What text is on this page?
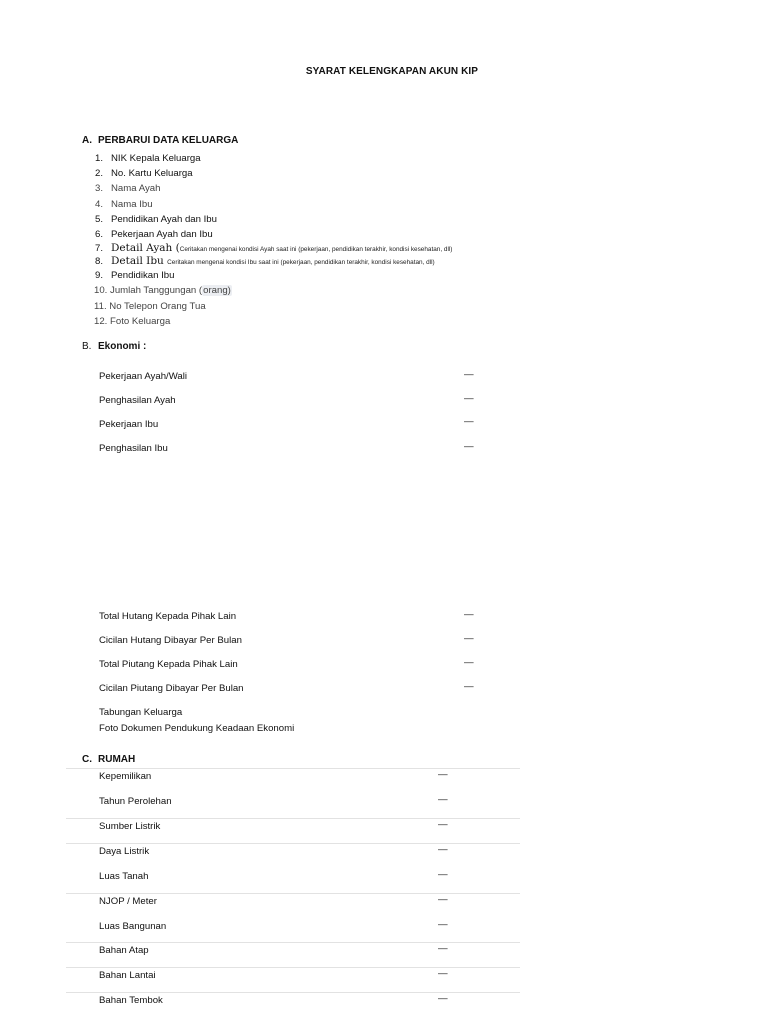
SYARAT KELENGKAPAN AKUN KIP
A. PERBARUI DATA KELUARGA
1. NIK Kepala Keluarga
2. No. Kartu Keluarga
3. Nama Ayah
4. Nama Ibu
5. Pendidikan Ayah dan Ibu
6. Pekerjaan Ayah dan Ibu
7. Detail Ayah (Ceritakan mengenai kondisi Ayah saat ini (pekerjaan, pendidikan terakhir, kondisi kesehatan, dll)
8. Detail Ibu Ceritakan mengenai kondisi Ibu saat ini (pekerjaan, pendidikan terakhir, kondisi kesehatan, dll)
9. Pendidikan Ibu
10. Jumlah Tanggungan (orang)
11. No Telepon Orang Tua
12. Foto Keluarga
B. Ekonomi :
Pekerjaan Ayah/Wali	—
Penghasilan Ayah	—
Pekerjaan Ibu	—
Penghasilan Ibu	—
Total Hutang Kepada Pihak Lain	—
Cicilan Hutang Dibayar Per Bulan	—
Total Piutang Kepada Pihak Lain	—
Cicilan Piutang Dibayar Per Bulan	—
Tabungan Keluarga
Foto Dokumen Pendukung Keadaan Ekonomi
C. RUMAH
Kepemilikan	—
Tahun Perolehan	—
Sumber Listrik	—
Daya Listrik	—
Luas Tanah	—
NJOP / Meter	—
Luas Bangunan	—
Bahan Atap	—
Bahan Lantai	—
Bahan Tembok	—
